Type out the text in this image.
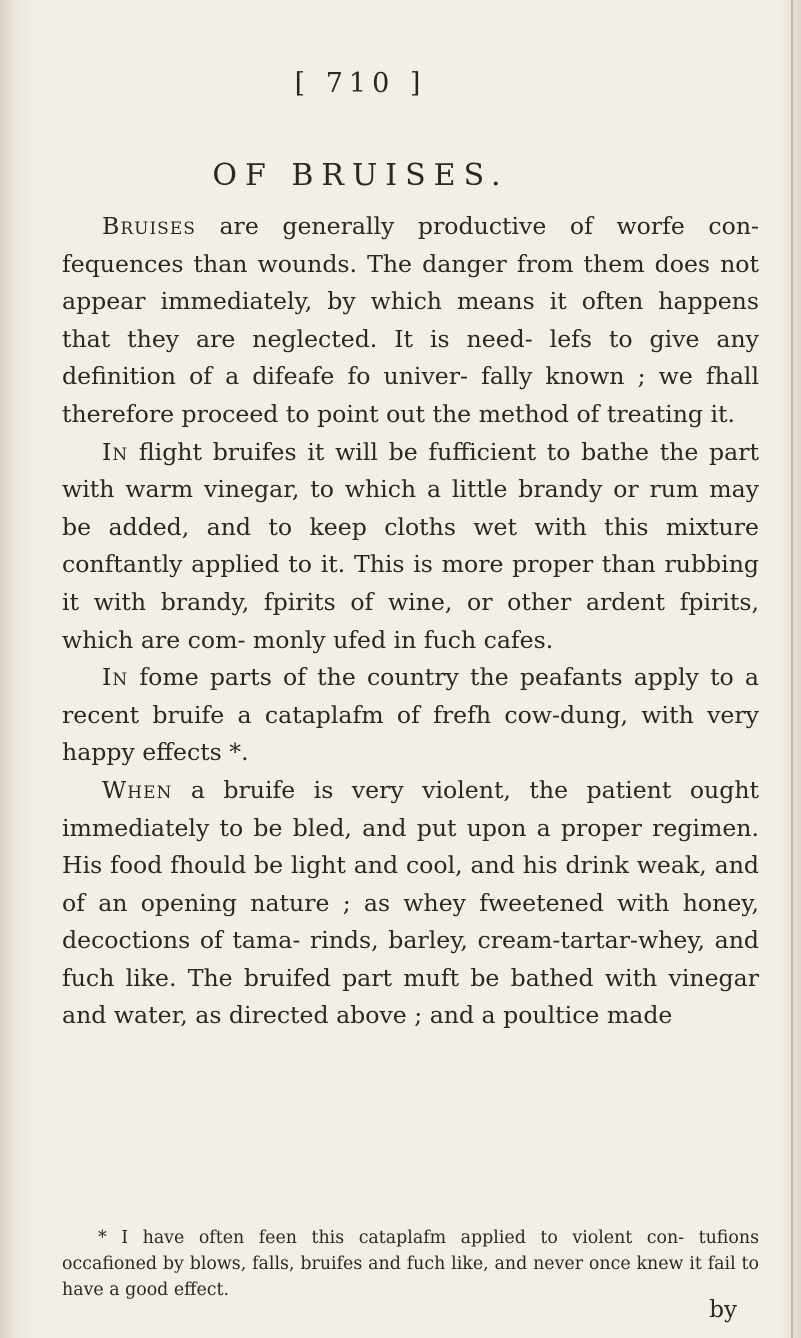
[ 710 ]
OF BRUISES.

Bruises are generally productive of worfe con- fequences than wounds. The danger from them does not appear immediately, by which means it often happens that they are neglected. It is need- lefs to give any definition of a difeafe fo univer- fally known ; we fhall therefore proceed to point out the method of treating it.

In flight bruifes it will be fufficient to bathe the part with warm vinegar, to which a little brandy or rum may be added, and to keep cloths wet with this mixture conftantly applied to it. This is more proper than rubbing it with brandy, fpirits of wine, or other ardent fpirits, which are com- monly ufed in fuch cafes.

In fome parts of the country the peafants apply to a recent bruife a cataplafm of frefh cow-dung, with very happy effects *.

When a bruife is very violent, the patient ought immediately to be bled, and put upon a proper regimen. His food fhould be light and cool, and his drink weak, and of an opening nature ; as whey fweetened with honey, decoctions of tama- rinds, barley, cream-tartar-whey, and fuch like. The bruifed part muft be bathed with vinegar and water, as directed above ; and a poultice made

* I have often feen this cataplafm applied to violent con- tufions occafioned by blows, falls, bruifes and fuch like, and never once knew it fail to have a good effect.

by
